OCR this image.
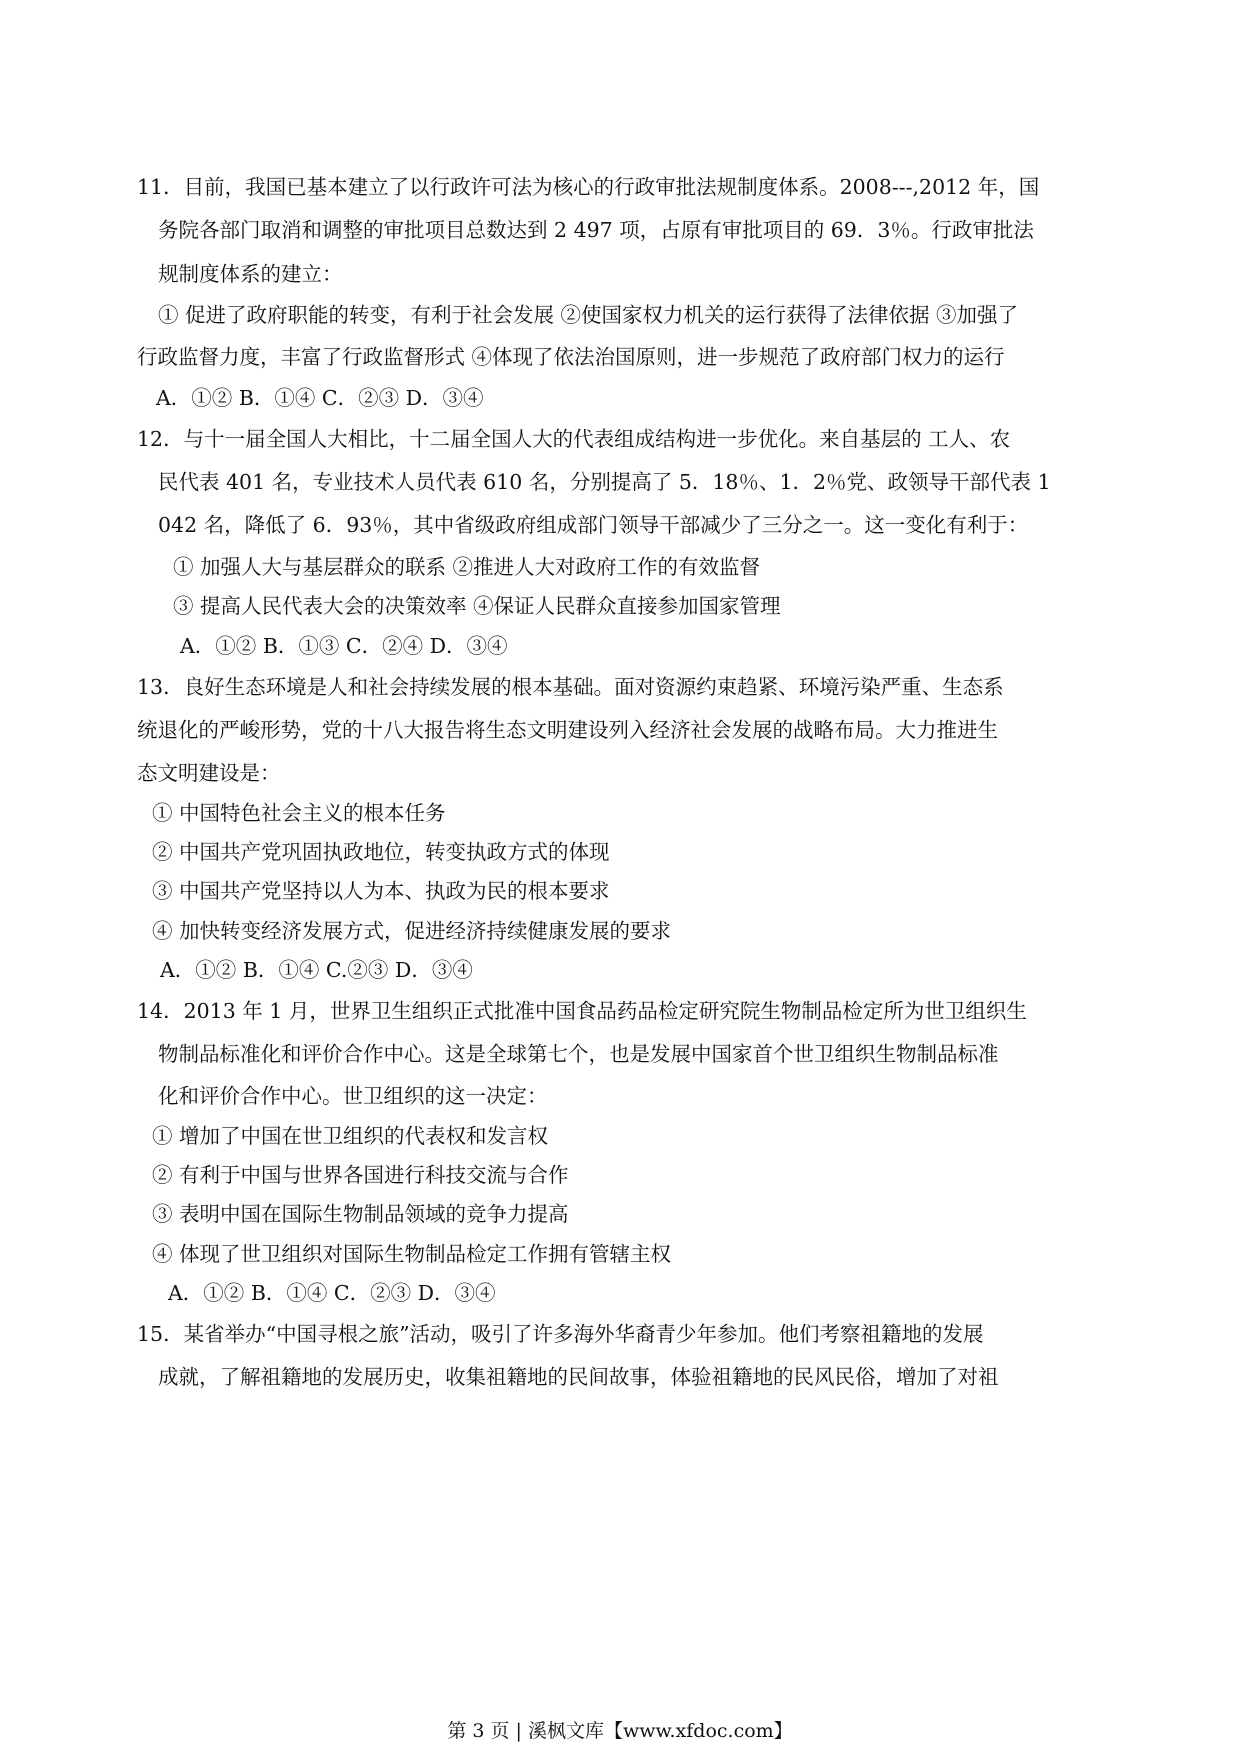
11．目前，我国已基本建立了以行政许可法为核心的行政审批法规制度体系。2008---,2012 年，国
务院各部门取消和调整的审批项目总数达到 2 497 项，占原有审批项目的 69．3％。行政审批法
规制度体系的建立：
① 促进了政府职能的转变，有利于社会发展 ②使国家权力机关的运行获得了法律依据 ③加强了
行政监督力度，丰富了行政监督形式 ④体现了依法治国原则，进一步规范了政府部门权力的运行
A．①② B．①④ C．②③ D．③④
12．与十一届全国人大相比，十二届全国人大的代表组成结构进一步优化。来自基层的 工人、农
民代表 401 名，专业技术人员代表 610 名，分别提高了 5．18％、1．2％党、政领导干部代表 1
042 名，降低了 6．93％，其中省级政府组成部门领导干部减少了三分之一。这一变化有利于：
① 加强人大与基层群众的联系 ②推进人大对政府工作的有效监督
③ 提高人民代表大会的决策效率 ④保证人民群众直接参加国家管理
A．①② B．①③ C．②④ D．③④
13．良好生态环境是人和社会持续发展的根本基础。面对资源约束趋紧、环境污染严重、生态系
统退化的严峻形势，党的十八大报告将生态文明建设列入经济社会发展的战略布局。大力推进生
态文明建设是：
① 中国特色社会主义的根本任务
② 中国共产党巩固执政地位，转变执政方式的体现
③ 中国共产党坚持以人为本、执政为民的根本要求
④ 加快转变经济发展方式，促进经济持续健康发展的要求
A．①② B．①④ C.②③ D．③④
14．2013 年 1 月，世界卫生组织正式批准中国食品药品检定研究院生物制品检定所为世卫组织生
物制品标准化和评价合作中心。这是全球第七个，也是发展中国家首个世卫组织生物制品标准
化和评价合作中心。世卫组织的这一决定：
① 增加了中国在世卫组织的代表权和发言权
② 有利于中国与世界各国进行科技交流与合作
③ 表明中国在国际生物制品领域的竞争力提高
④ 体现了世卫组织对国际生物制品检定工作拥有管辖主权
A．①② B．①④ C．②③ D．③④
15．某省举办“中国寻根之旅”活动，吸引了许多海外华裔青少年参加。他们考察祖籍地的发展
成就，了解祖籍地的发展历史，收集祖籍地的民间故事，体验祖籍地的民风民俗，增加了对祖
第 3 页 | 溪枫文库【www.xfdoc.com】
